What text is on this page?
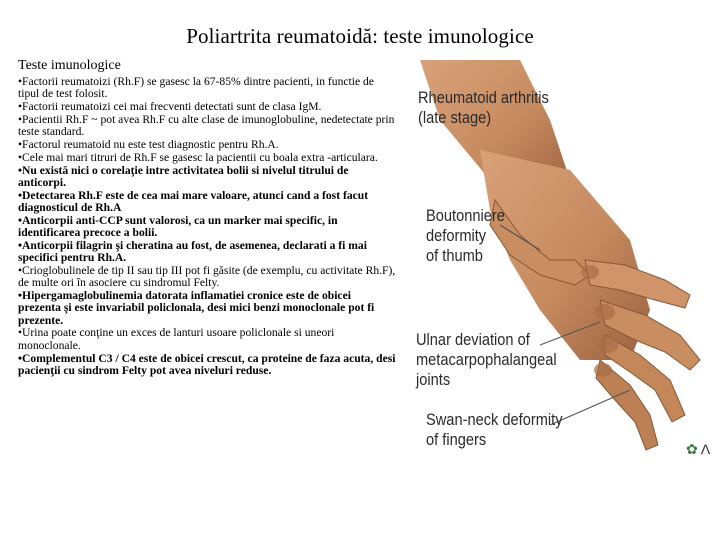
Poliartrita reumatoidă: teste imunologice
Teste imunologice
•Factorii reumatoizi (Rh.F) se gasesc la 67-85% dintre pacienti, in functie de tipul de test folosit.
•Factorii reumatoizi cei mai frecventi detectati sunt de clasa IgM.
•Pacientii Rh.F ~ pot avea Rh.F cu alte clase de imunoglobuline, nedetectate prin teste standard.
•Factorul reumatoid nu este test diagnostic pentru Rh.A.
•Cele mai mari titruri de Rh.F se gasesc la pacientii cu boala extra -articulara.
•Nu există nici o corelaţie intre activitatea bolii si nivelul titrului de anticorpi.
•Detectarea Rh.F este de cea mai mare valoare, atunci cand a fost facut diagnosticul de Rh.A
•Anticorpii anti-CCP sunt valorosi, ca un marker mai specific, in identificarea precoce a bolii.
•Anticorpii filagrin şi cheratina au fost, de asemenea, declarati a fi mai specifici pentru Rh.A.
•Crioglobulinele de tip II sau tip III pot fi găsite (de exemplu, cu activitate Rh.F), de multe ori în asociere cu sindromul Felty.
•Hipergamaglobulinemia datorata inflamatiei cronice este de obicei prezenta şi este invariabil policlonala, desi mici benzi monoclonale pot fi prezente.
•Urina poate conţine un exces de lanturi usoare policlonale si uneori monoclonale.
•Complementul C3 / C4 este de obicei crescut, ca proteine de faza acuta, desi pacienţii cu sindrom Felty pot avea niveluri reduse.
Rheumatoid arthritis
(late stage)
Boutonniere
deformity
of thumb
Ulnar deviation of
metacarpophalangeal
joints
Swan-neck deformity
of fingers	✿ Λ
